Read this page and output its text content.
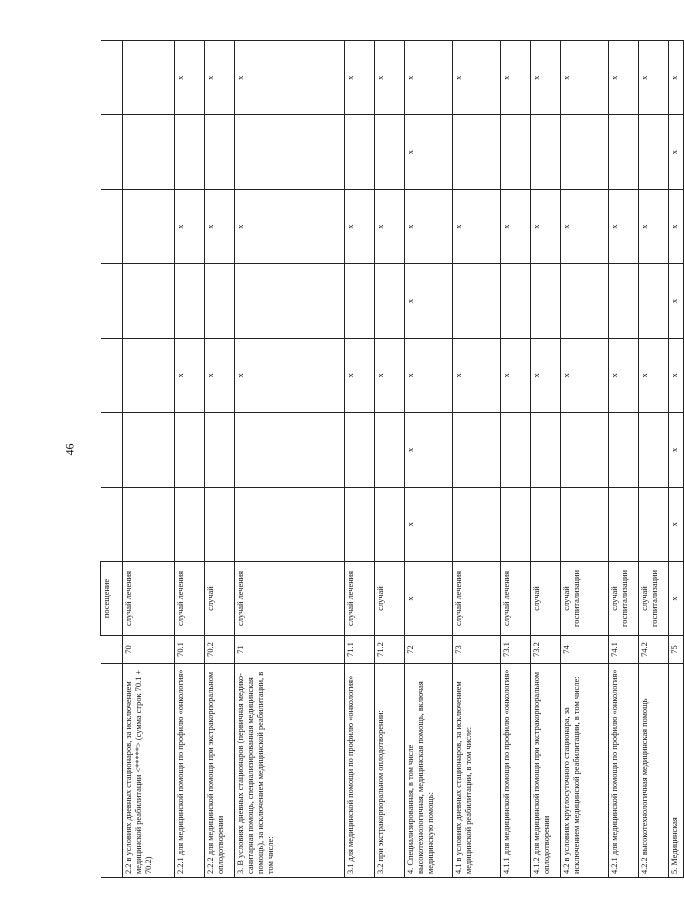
46
		посещение							
2.2 в условиях дневных стационаров, за исключением медицинской реабилитации <*****> (сумма строк 70.1 + 70.2)	70	случай лечения							
2.2.1 для медицинской помощи по профилю «онкология»	70.1	случай лечения			x		x		x
2.2.2 для медицинской помощи при экстракорпоральном оплодотворении	70.2	случай			x		x		x
3. В условиях дневных стационаров (первичная медико-санитарная помощь, специализированная медицинская помощь), за исключением медицинской реабилитации, в том числе:	71	случай лечения			x		x		x
3.1 для медицинской помощи по профилю «онкология»	71.1	случай лечения			x		x		x
3.2 при экстракорпоральном оплодотворении:	71.2	случай			x		x		x
4. Специализированная, в том числе высокотехнологичная, медицинская помощь, включая медицинскую помощь:	72	x	x	x	x	x	x	x	x
4.1 в условиях дневных стационаров, за исключением медицинской реабилитации, в том числе:	73	случай лечения			x		x		x
4.1.1 для медицинской помощи по профилю «онкология»	73.1	случай лечения			x		x		x
4.1.2 для медицинской помощи при экстракорпоральном оплодотворении	73.2	случай			x		x		x
4.2 в условиях круглосуточного стационара, за исключением медицинской реабилитации, в том числе:	74	случай госпитализации			x		x		x
4.2.1 для медицинской помощи по профилю «онкология»	74.1	случай госпитализации			x		x		x
4.2.2 высокотехнологичная медицинская помощь	74.2	случай госпитализации			x		x		x
5. Медицинская	75	x	x	x	x	x	x	x	x
